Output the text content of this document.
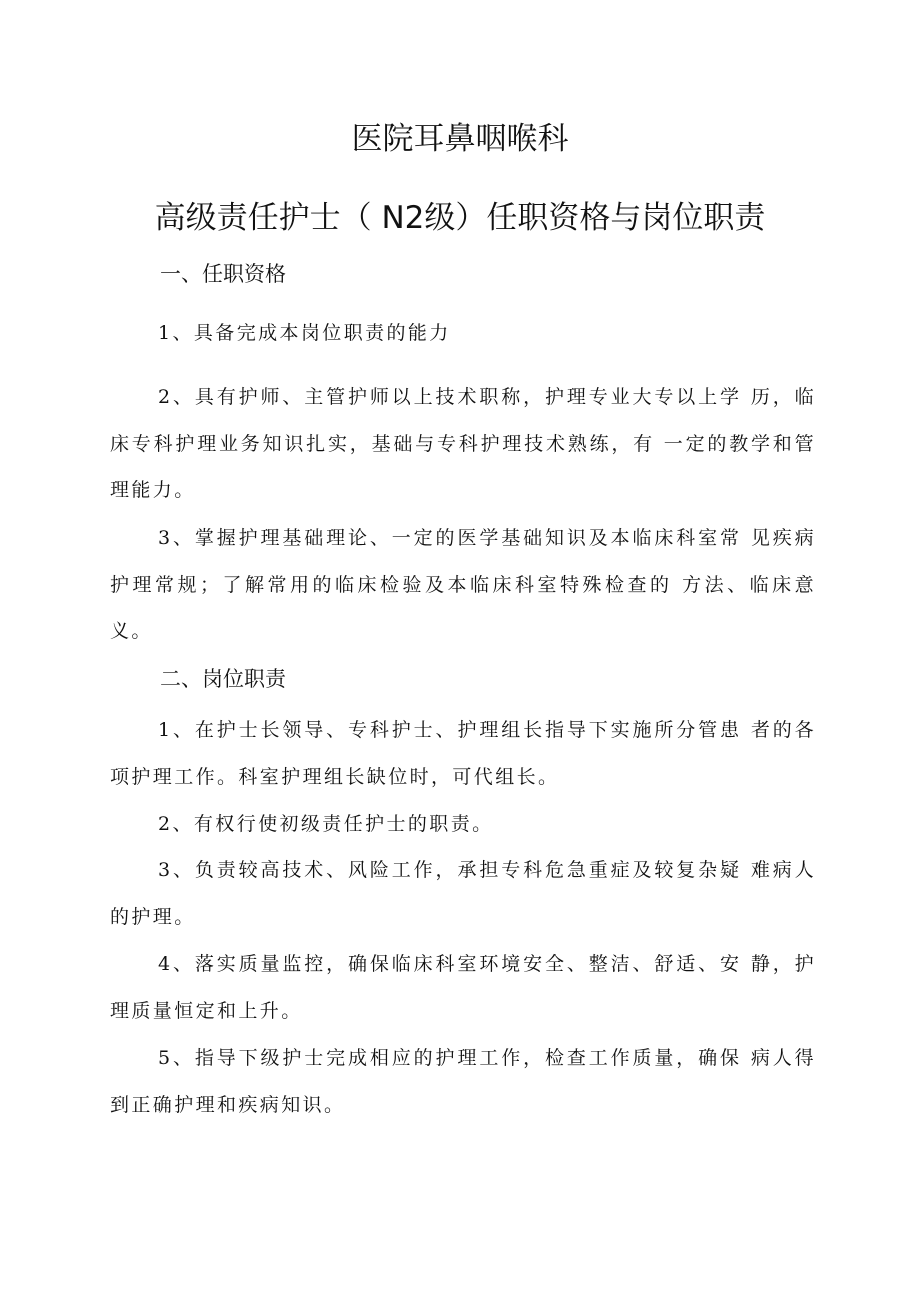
医院耳鼻咽喉科
高级责任护士（ N2级）任职资格与岗位职责
一、任职资格
1、具备完成本岗位职责的能力
2、具有护师、主管护师以上技术职称，护理专业大专以上学 历，临床专科护理业务知识扎实，基础与专科护理技术熟练，有 一定的教学和管理能力。
3、掌握护理基础理论、一定的医学基础知识及本临床科室常 见疾病护理常规；了解常用的临床检验及本临床科室特殊检查的 方法、临床意义。
二、岗位职责
1、在护士长领导、专科护士、护理组长指导下实施所分管患 者的各项护理工作。科室护理组长缺位时，可代组长。
2、有权行使初级责任护士的职责。
3、负责较高技术、风险工作，承担专科危急重症及较复杂疑 难病人的护理。
4、落实质量监控，确保临床科室环境安全、整洁、舒适、安 静，护理质量恒定和上升。
5、指导下级护士完成相应的护理工作，检查工作质量，确保 病人得到正确护理和疾病知识。
